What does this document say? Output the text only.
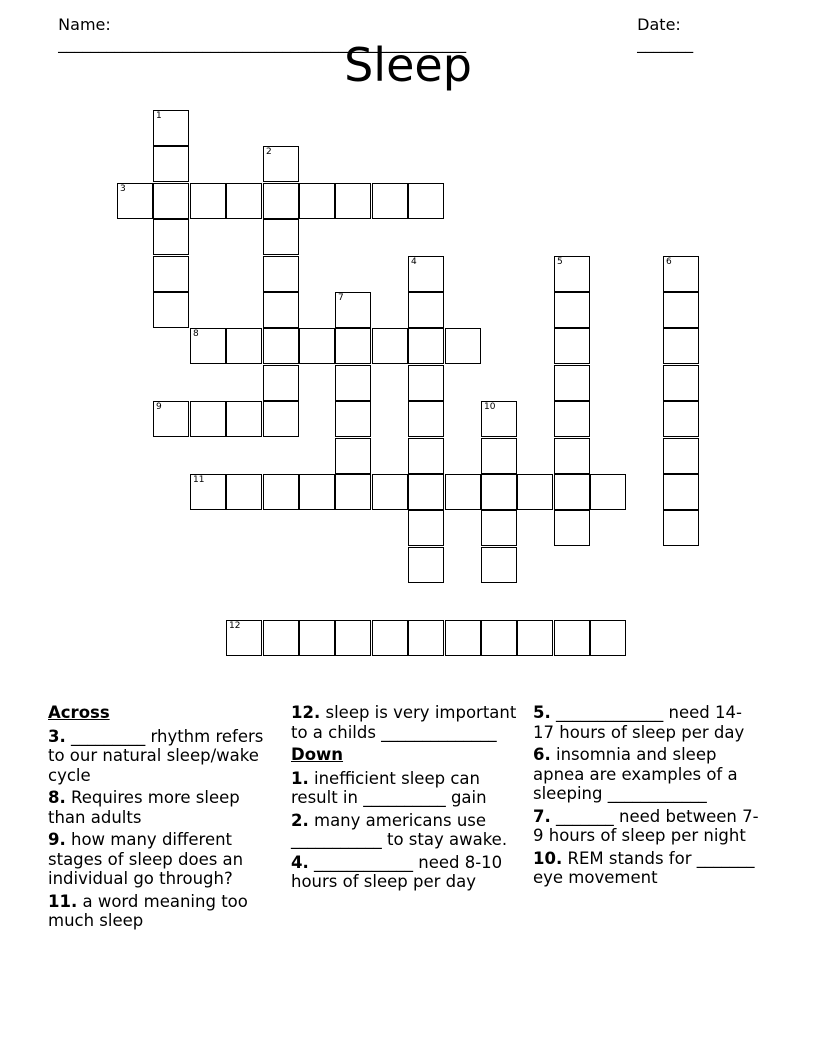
Name:
___________________________________________________

Date:
_______

Sleep
1
2
3
4	5	6
7
8
9	10
11
12
Across
3. _________ rhythm refers to our natural sleep/wake cycle
8. Requires more sleep than adults
9. how many different stages of sleep does an individual go through?
11. a word meaning too much sleep
12. sleep is very important to a childs ______________
Down
1. inefficient sleep can result in __________ gain
2. many americans use ___________ to stay awake.
4. ____________ need 8-10 hours of sleep per day
5. _____________ need 14-17 hours of sleep per day
6. insomnia and sleep apnea are examples of a sleeping ____________
7. _______ need between 7-9 hours of sleep per night
10. REM stands for _______ eye movement
